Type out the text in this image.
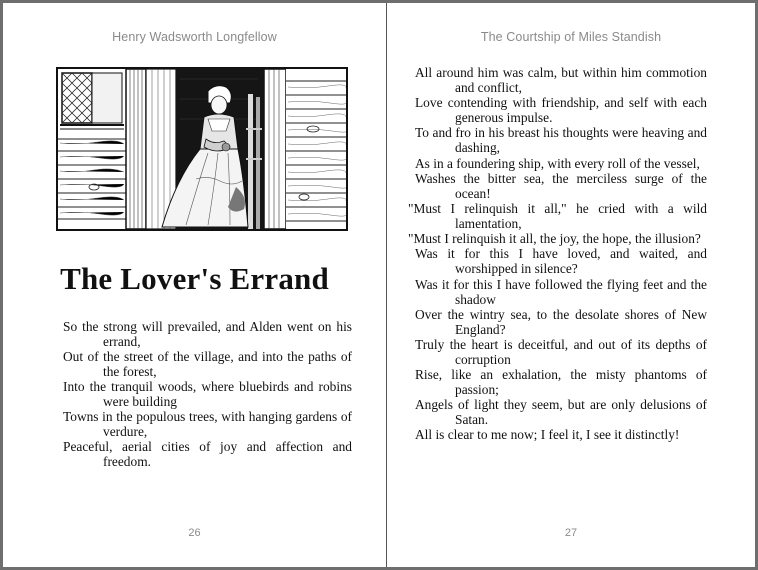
Henry Wadsworth Longfellow
The Lover's Errand

So the strong will prevailed, and Alden went on his errand,

Out of the street of the village, and into the paths of the forest,

Into the tranquil woods, where bluebirds and robins were building

Towns in the populous trees, with hanging gardens of verdure,

Peaceful, aerial cities of joy and affection and freedom.

26
The Courtship of Miles Standish

All around him was calm, but within him commotion and conflict,

Love contending with friendship, and self with each generous impulse.

To and fro in his breast his thoughts were heaving and dashing,

As in a foundering ship, with every roll of the vessel,

Washes the bitter sea, the merciless surge of the ocean!

"Must I relinquish it all," he cried with a wild lamentation,

"Must I relinquish it all, the joy, the hope, the illusion?

Was it for this I have loved, and waited, and worshipped in silence?

Was it for this I have followed the flying feet and the shadow

Over the wintry sea, to the desolate shores of New England?

Truly the heart is deceitful, and out of its depths of corruption

Rise, like an exhalation, the misty phantoms of passion;

Angels of light they seem, but are only delusions of Satan.

All is clear to me now; I feel it, I see it distinctly!

27
